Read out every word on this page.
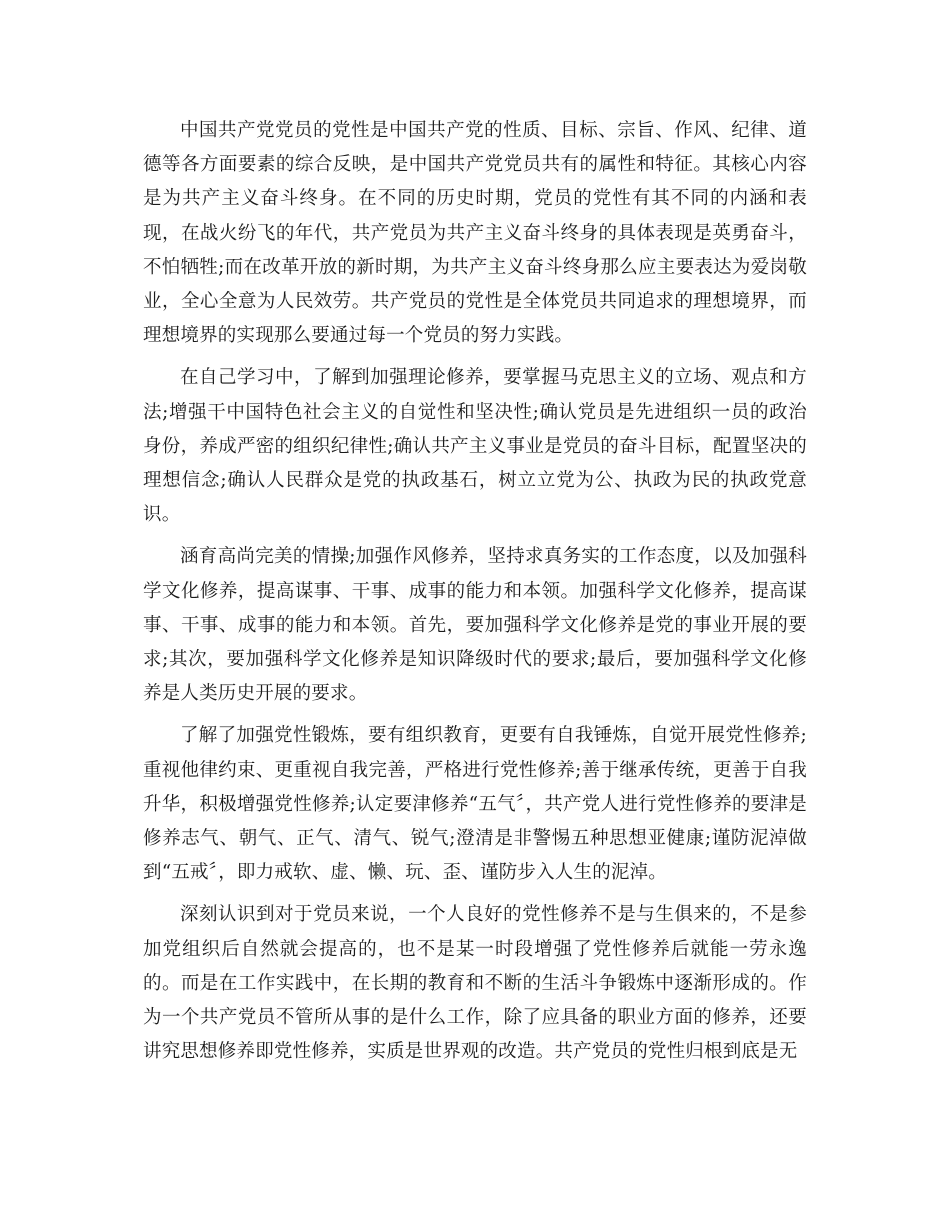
中国共产党党员的党性是中国共产党的性质、目标、宗旨、作风、纪律、道德等各方面要素的综合反映，是中国共产党党员共有的属性和特征。其核心内容是为共产主义奋斗终身。在不同的历史时期，党员的党性有其不同的内涵和表现，在战火纷飞的年代，共产党员为共产主义奋斗终身的具体表现是英勇奋斗，不怕牺牲;而在改革开放的新时期，为共产主义奋斗终身那么应主要表达为爱岗敬业，全心全意为人民效劳。共产党员的党性是全体党员共同追求的理想境界，而理想境界的实现那么要通过每一个党员的努力实践。

在自己学习中，了解到加强理论修养，要掌握马克思主义的立场、观点和方法;增强干中国特色社会主义的自觉性和坚决性;确认党员是先进组织一员的政治身份，养成严密的组织纪律性;确认共产主义事业是党员的奋斗目标，配置坚决的理想信念;确认人民群众是党的执政基石，树立立党为公、执政为民的执政党意识。

涵育高尚完美的情操;加强作风修养，坚持求真务实的工作态度，以及加强科学文化修养，提高谋事、干事、成事的能力和本领。加强科学文化修养，提高谋事、干事、成事的能力和本领。首先，要加强科学文化修养是党的事业开展的要求;其次，要加强科学文化修养是知识降级时代的要求;最后，要加强科学文化修养是人类历史开展的要求。

了解了加强党性锻炼，要有组织教育，更要有自我锤炼，自觉开展党性修养;重视他律约束、更重视自我完善，严格进行党性修养;善于继承传统，更善于自我升华，积极增强党性修养;认定要津修养“五气〞，共产党人进行党性修养的要津是修养志气、朝气、正气、清气、锐气;澄清是非警惕五种思想亚健康;谨防泥淖做到“五戒〞，即力戒软、虚、懒、玩、歪、谨防步入人生的泥淖。

深刻认识到对于党员来说，一个人良好的党性修养不是与生俱来的，不是参加党组织后自然就会提高的，也不是某一时段增强了党性修养后就能一劳永逸的。而是在工作实践中，在长期的教育和不断的生活斗争锻炼中逐渐形成的。作为一个共产党员不管所从事的是什么工作，除了应具备的职业方面的修养，还要讲究思想修养即党性修养，实质是世界观的改造。共产党员的党性归根到底是无
